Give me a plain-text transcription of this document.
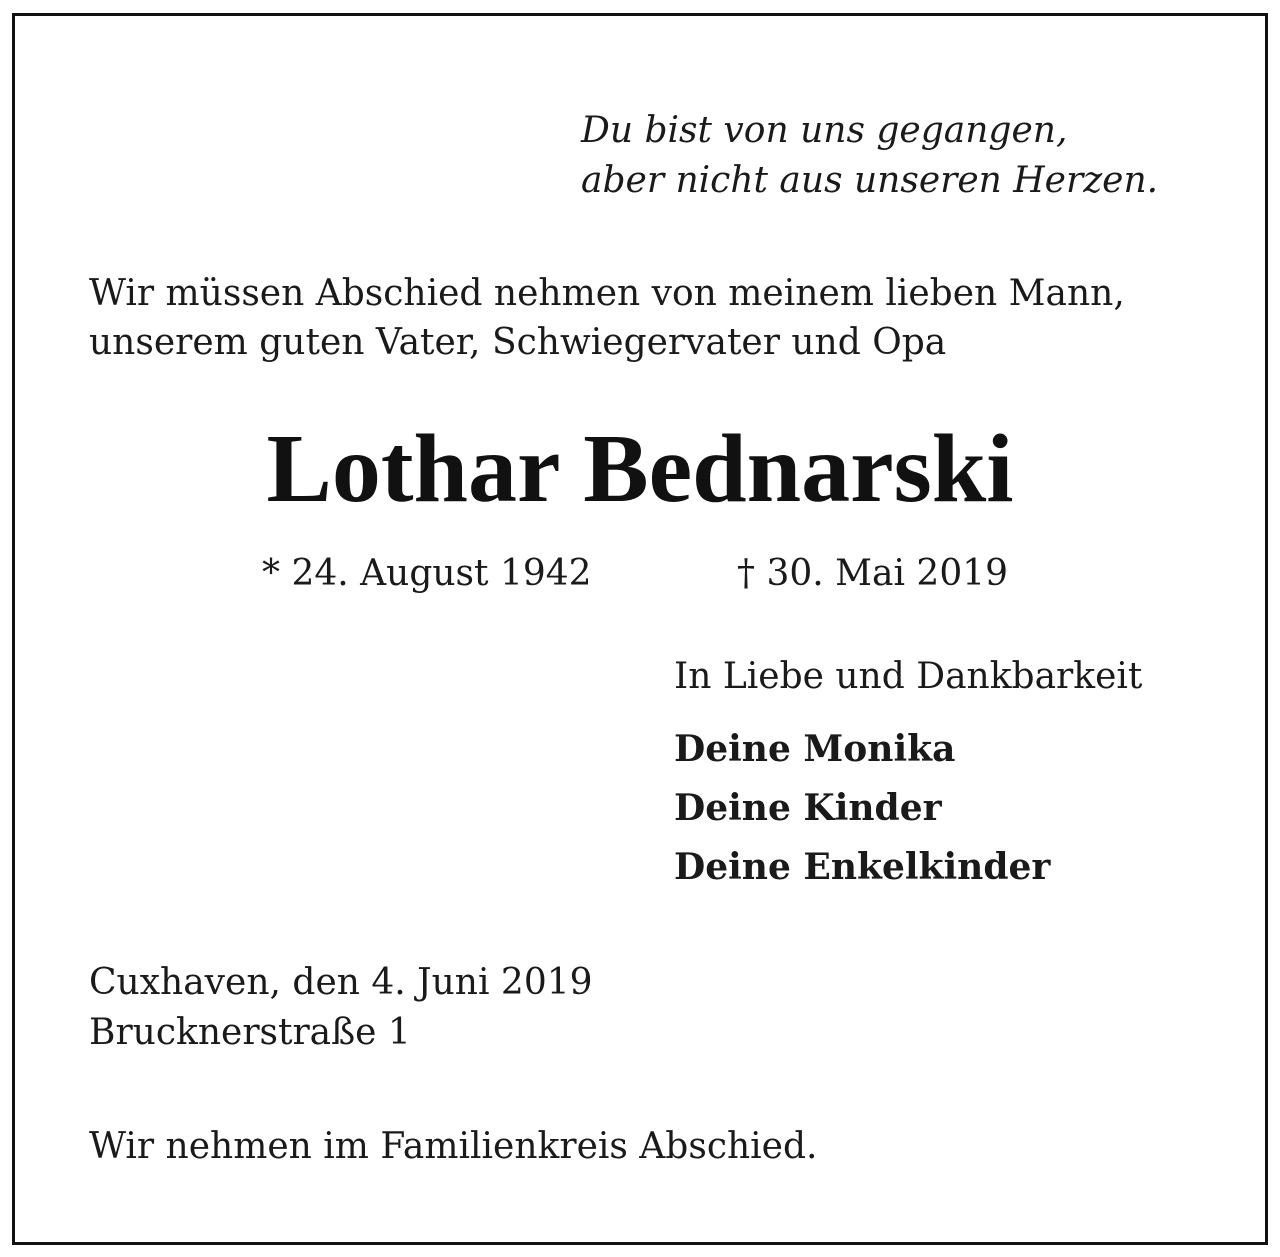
Du bist von uns gegangen,

aber nicht aus unseren Herzen.

Wir müssen Abschied nehmen von meinem lieben Mann,

unserem guten Vater, Schwiegervater und Opa

Lothar Bednarski
* 24. August 1942	† 30. Mai 2019

In Liebe und Dankbarkeit

Deine Monika

Deine Kinder

Deine Enkelkinder

Cuxhaven, den 4. Juni 2019

Brucknerstraße 1

Wir nehmen im Familienkreis Abschied.
